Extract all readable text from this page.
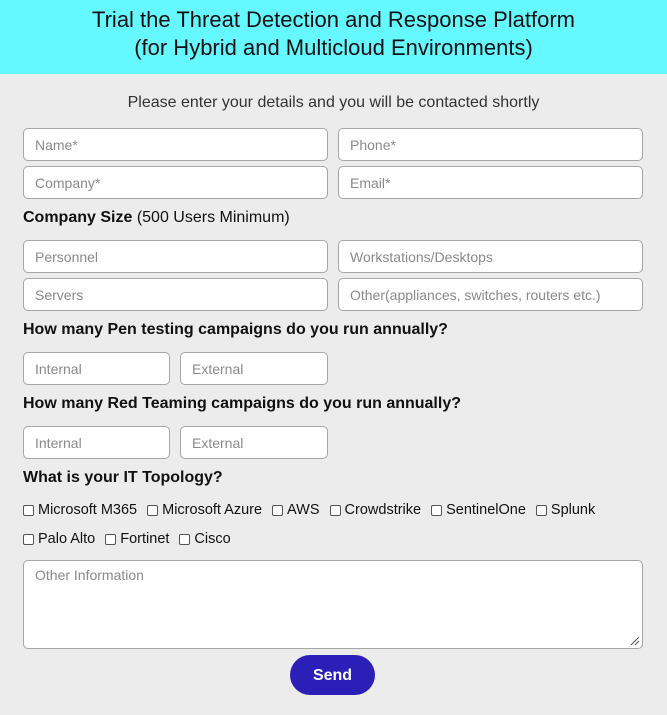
Trial the Threat Detection and Response Platform
(for Hybrid and Multicloud Environments)
Please enter your details and you will be contacted shortly
Name*
Phone*
Company*
Email*
Company Size (500 Users Minimum)
Personnel
Workstations/Desktops
Servers
Other(appliances, switches, routers etc.)
How many Pen testing campaigns do you run annually?
Internal
External
How many Red Teaming campaigns do you run annually?
Internal
External
What is your IT Topology?
Microsoft M365 Microsoft Azure AWS Crowdstrike SentinelOne Splunk
Palo Alto Fortinet Cisco
Other Information
Send
